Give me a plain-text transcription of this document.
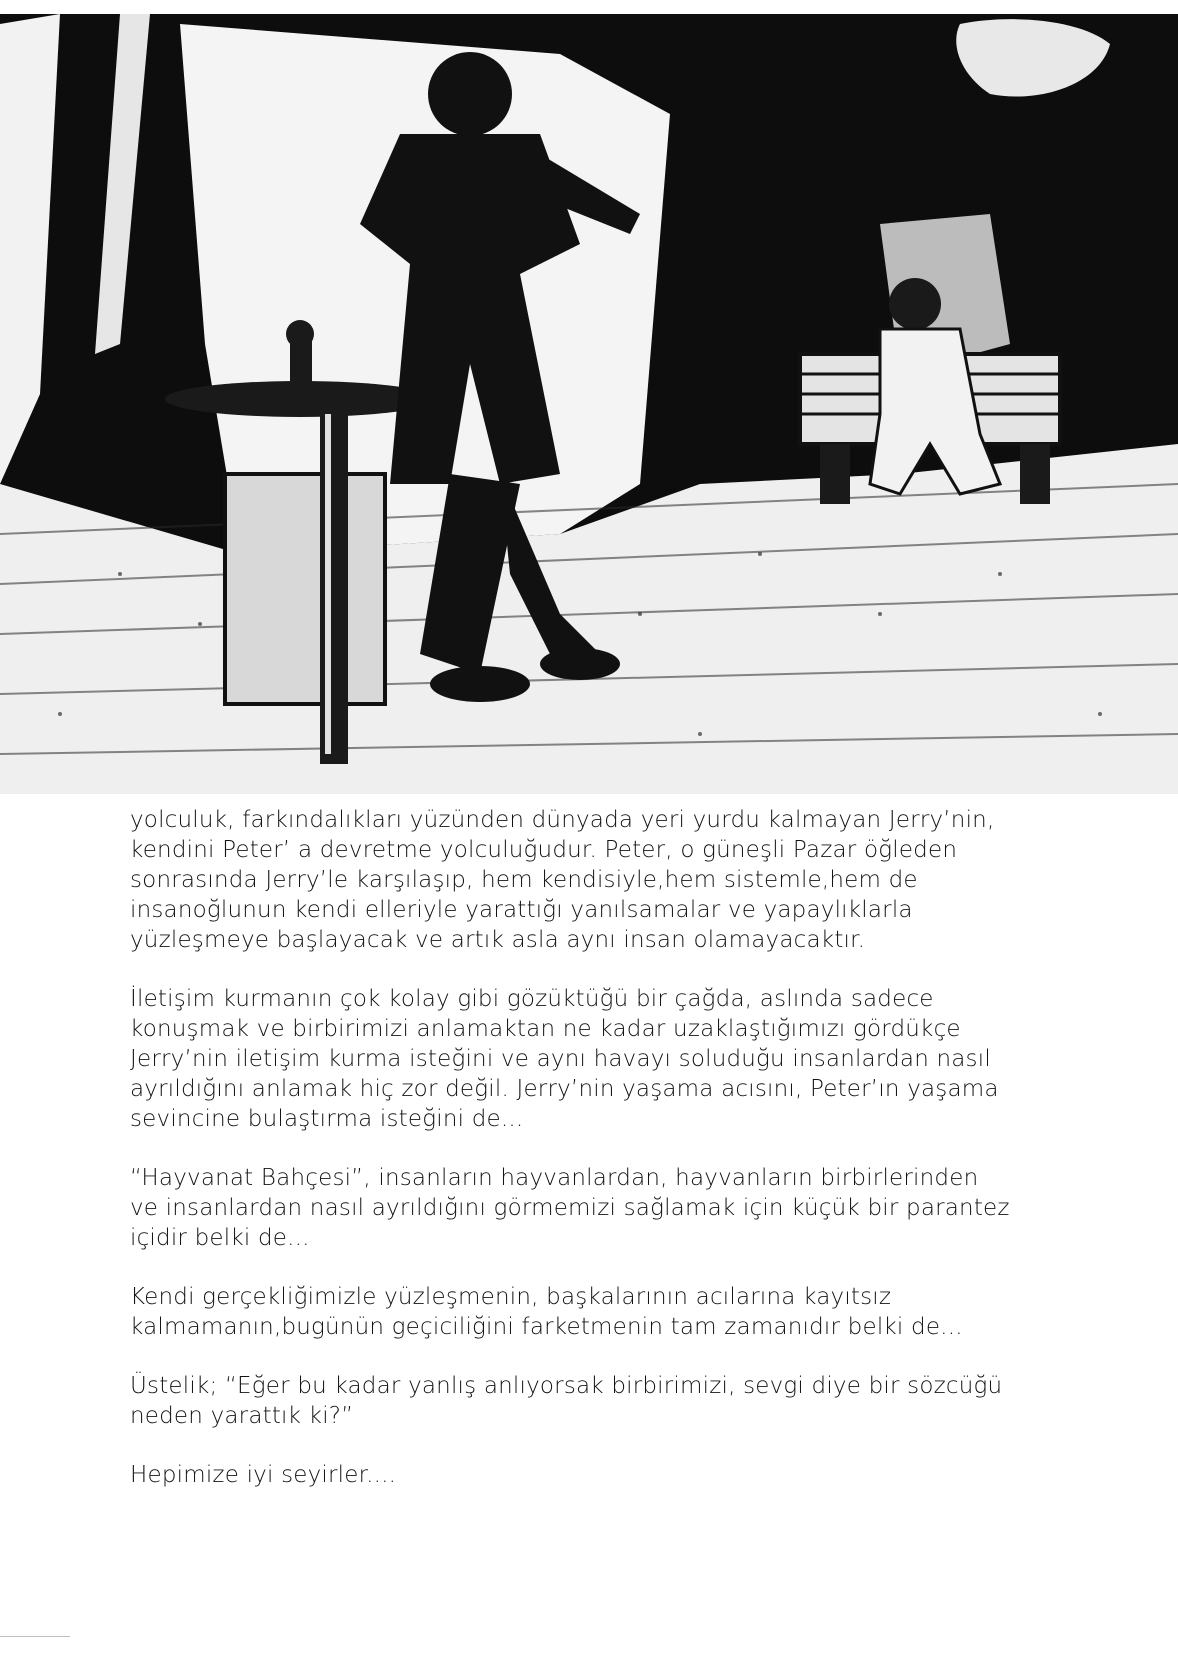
yolculuk, farkındalıkları yüzünden dünyada yeri yurdu kalmayan Jerry’nin,
kendini Peter’ a devretme yolculuğudur. Peter, o güneşli Pazar öğleden
sonrasında Jerry’le karşılaşıp, hem kendisiyle,hem sistemle,hem de
insanoğlunun kendi elleriyle yarattığı yanılsamalar ve yapaylıklarla
yüzleşmeye başlayacak ve artık asla aynı insan olamayacaktır.

İletişim kurmanın çok kolay gibi gözüktüğü bir çağda, aslında sadece
konuşmak ve birbirimizi anlamaktan ne kadar uzaklaştığımızı gördükçe
Jerry’nin iletişim kurma isteğini ve aynı havayı soluduğu insanlardan nasıl
ayrıldığını anlamak hiç zor değil. Jerry’nin yaşama acısını, Peter’ın yaşama
sevincine bulaştırma isteğini de...

“Hayvanat Bahçesi”, insanların hayvanlardan, hayvanların birbirlerinden
ve insanlardan nasıl ayrıldığını görmemizi sağlamak için küçük bir parantez
içidir belki de...

Kendi gerçekliğimizle yüzleşmenin, başkalarının acılarına kayıtsız
kalmamanın,bugünün geçiciliğini farketmenin tam zamanıdır belki de...

Üstelik; “Eğer bu kadar yanlış anlıyorsak birbirimizi, sevgi diye bir sözcüğü
neden yarattık ki?”

Hepimize iyi seyirler....
